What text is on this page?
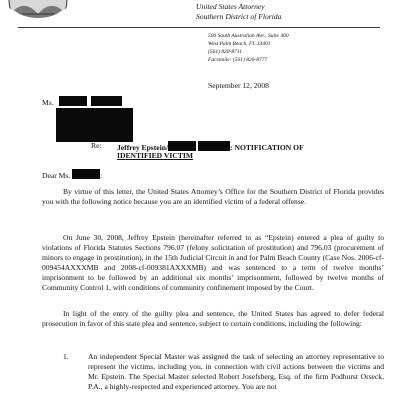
United States Attorney
Southern District of Florida
500 South Australian Ave., Suite 400
West Palm Beach, FL 33401
(561) 820-8711
Facsimile: (561) 820-8777
September 12, 2008
Ms.
Re: Jeffrey Epstein/	: NOTIFICATION OF
IDENTIFIED VICTIM
Dear Ms.	:
By virtue of this letter, the United States Attorney’s Office for the Southern District of Florida provides you with the following notice because you are an identified victim of a federal offense.
On June 30, 2008, Jeffrey Epstein (hereinafter referred to as “Epstein) entered a plea of guilty to violations of Florida Statutes Sections 796.07 (felony solicitation of prostitution) and 796.03 (procurement of minors to engage in prostitution), in the 15th Judicial Circuit in and for Palm Beach County (Case Nos. 2006-cf-009454AXXXMB and 2008-cf-009381AXXXMB) and was sentenced to a term of twelve months’ imprisonment to be followed by an additional six months’ imprisonment, followed by twelve months of Community Control 1, with conditions of community confinement imposed by the Court.
In light of the entry of the guilty plea and sentence, the United States has agreed to defer federal prosecution in favor of this state plea and sentence, subject to certain conditions, including the following:
1.	An independent Special Master was assigned the task of selecting an attorney representative to represent the victims, including you, in connection with civil actions between the victims and Mr. Epstein. The Special Master selected Robert Josefsberg, Esq. of the firm Podhurst Orseck, P.A., a highly-respected and experienced attorney. You are not
